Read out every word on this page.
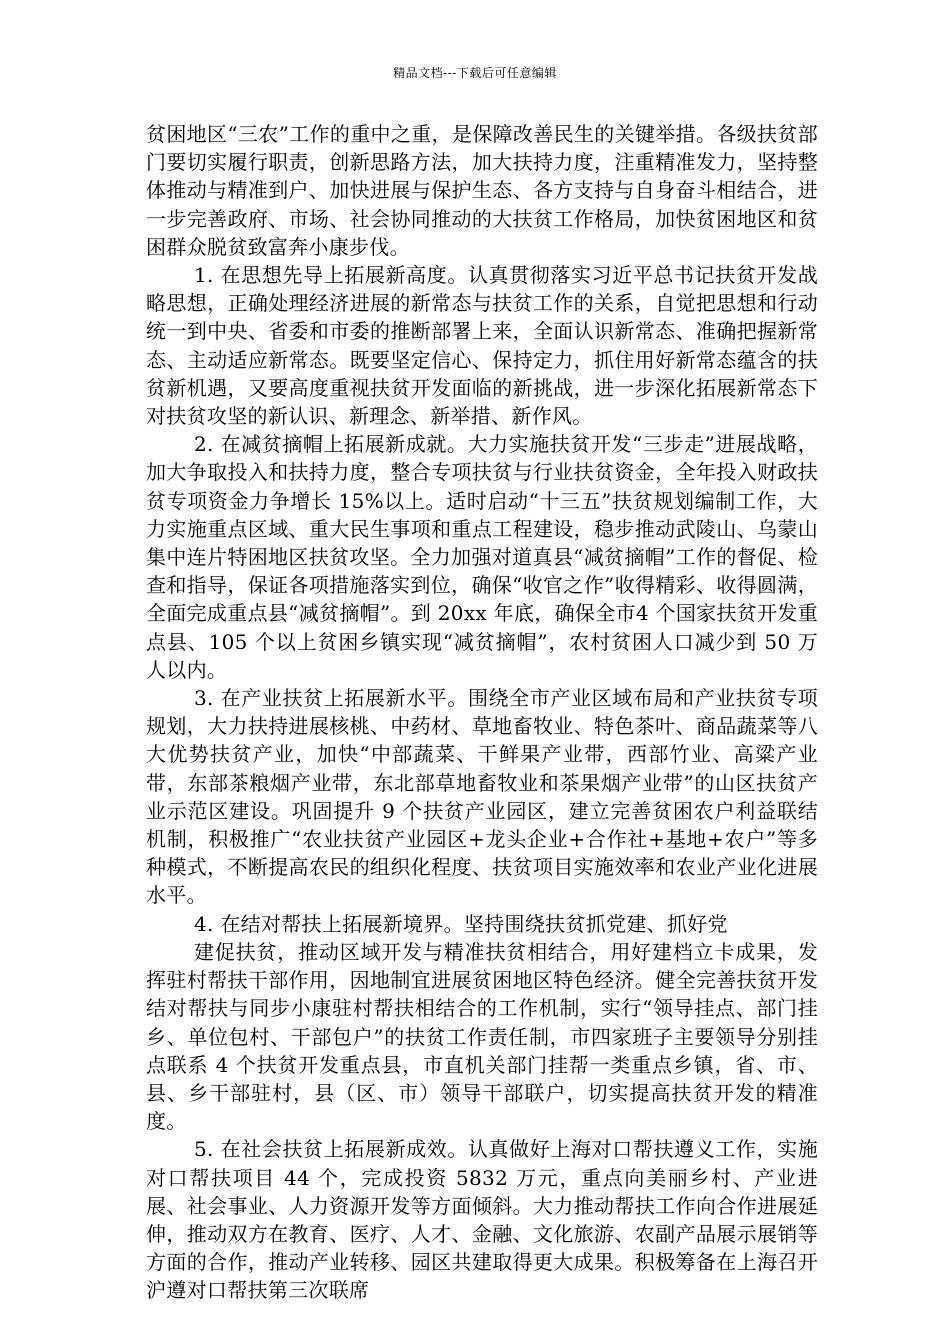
精品文档---下载后可任意编辑

贫困地区“三农”工作的重中之重，是保障改善民生的关键举措。各级扶贫部门要切实履行职责，创新思路方法，加大扶持力度，注重精准发力，坚持整体推动与精准到户、加快进展与保护生态、各方支持与自身奋斗相结合，进一步完善政府、市场、社会协同推动的大扶贫工作格局，加快贫困地区和贫困群众脱贫致富奔小康步伐。

1. 在思想先导上拓展新高度。认真贯彻落实习近平总书记扶贫开发战略思想，正确处理经济进展的新常态与扶贫工作的关系，自觉把思想和行动统一到中央、省委和市委的推断部署上来，全面认识新常态、准确把握新常态、主动适应新常态。既要坚定信心、保持定力，抓住用好新常态蕴含的扶贫新机遇，又要高度重视扶贫开发面临的新挑战，进一步深化拓展新常态下对扶贫攻坚的新认识、新理念、新举措、新作风。

2. 在减贫摘帽上拓展新成就。大力实施扶贫开发“三步走”进展战略，加大争取投入和扶持力度，整合专项扶贫与行业扶贫资金，全年投入财政扶贫专项资金力争增长 15%以上。适时启动“十三五”扶贫规划编制工作，大力实施重点区域、重大民生事项和重点工程建设，稳步推动武陵山、乌蒙山集中连片特困地区扶贫攻坚。全力加强对道真县“减贫摘帽”工作的督促、检查和指导，保证各项措施落实到位，确保“收官之作”收得精彩、收得圆满，全面完成重点县“减贫摘帽”。到 20xx 年底，确保全市4 个国家扶贫开发重点县、105 个以上贫困乡镇实现“减贫摘帽”，农村贫困人口减少到 50 万人以内。

3. 在产业扶贫上拓展新水平。围绕全市产业区域布局和产业扶贫专项规划，大力扶持进展核桃、中药材、草地畜牧业、特色茶叶、商品蔬菜等八大优势扶贫产业，加快“中部蔬菜、干鲜果产业带，西部竹业、高粱产业带，东部茶粮烟产业带，东北部草地畜牧业和茶果烟产业带”的山区扶贫产业示范区建设。巩固提升 9 个扶贫产业园区，建立完善贫困农户利益联结机制，积极推广“农业扶贫产业园区+龙头企业+合作社+基地+农户”等多种模式，不断提高农民的组织化程度、扶贫项目实施效率和农业产业化进展水平。

4. 在结对帮扶上拓展新境界。坚持围绕扶贫抓党建、抓好党

建促扶贫，推动区域开发与精准扶贫相结合，用好建档立卡成果，发挥驻村帮扶干部作用，因地制宜进展贫困地区特色经济。健全完善扶贫开发结对帮扶与同步小康驻村帮扶相结合的工作机制，实行“领导挂点、部门挂乡、单位包村、干部包户”的扶贫工作责任制，市四家班子主要领导分别挂点联系 4 个扶贫开发重点县，市直机关部门挂帮一类重点乡镇，省、市、县、乡干部驻村，县（区、市）领导干部联户，切实提高扶贫开发的精准度。

5. 在社会扶贫上拓展新成效。认真做好上海对口帮扶遵义工作，实施对口帮扶项目 44 个，完成投资 5832 万元，重点向美丽乡村、产业进展、社会事业、人力资源开发等方面倾斜。大力推动帮扶工作向合作进展延伸，推动双方在教育、医疗、人才、金融、文化旅游、农副产品展示展销等方面的合作，推动产业转移、园区共建取得更大成果。积极筹备在上海召开沪遵对口帮扶第三次联席
